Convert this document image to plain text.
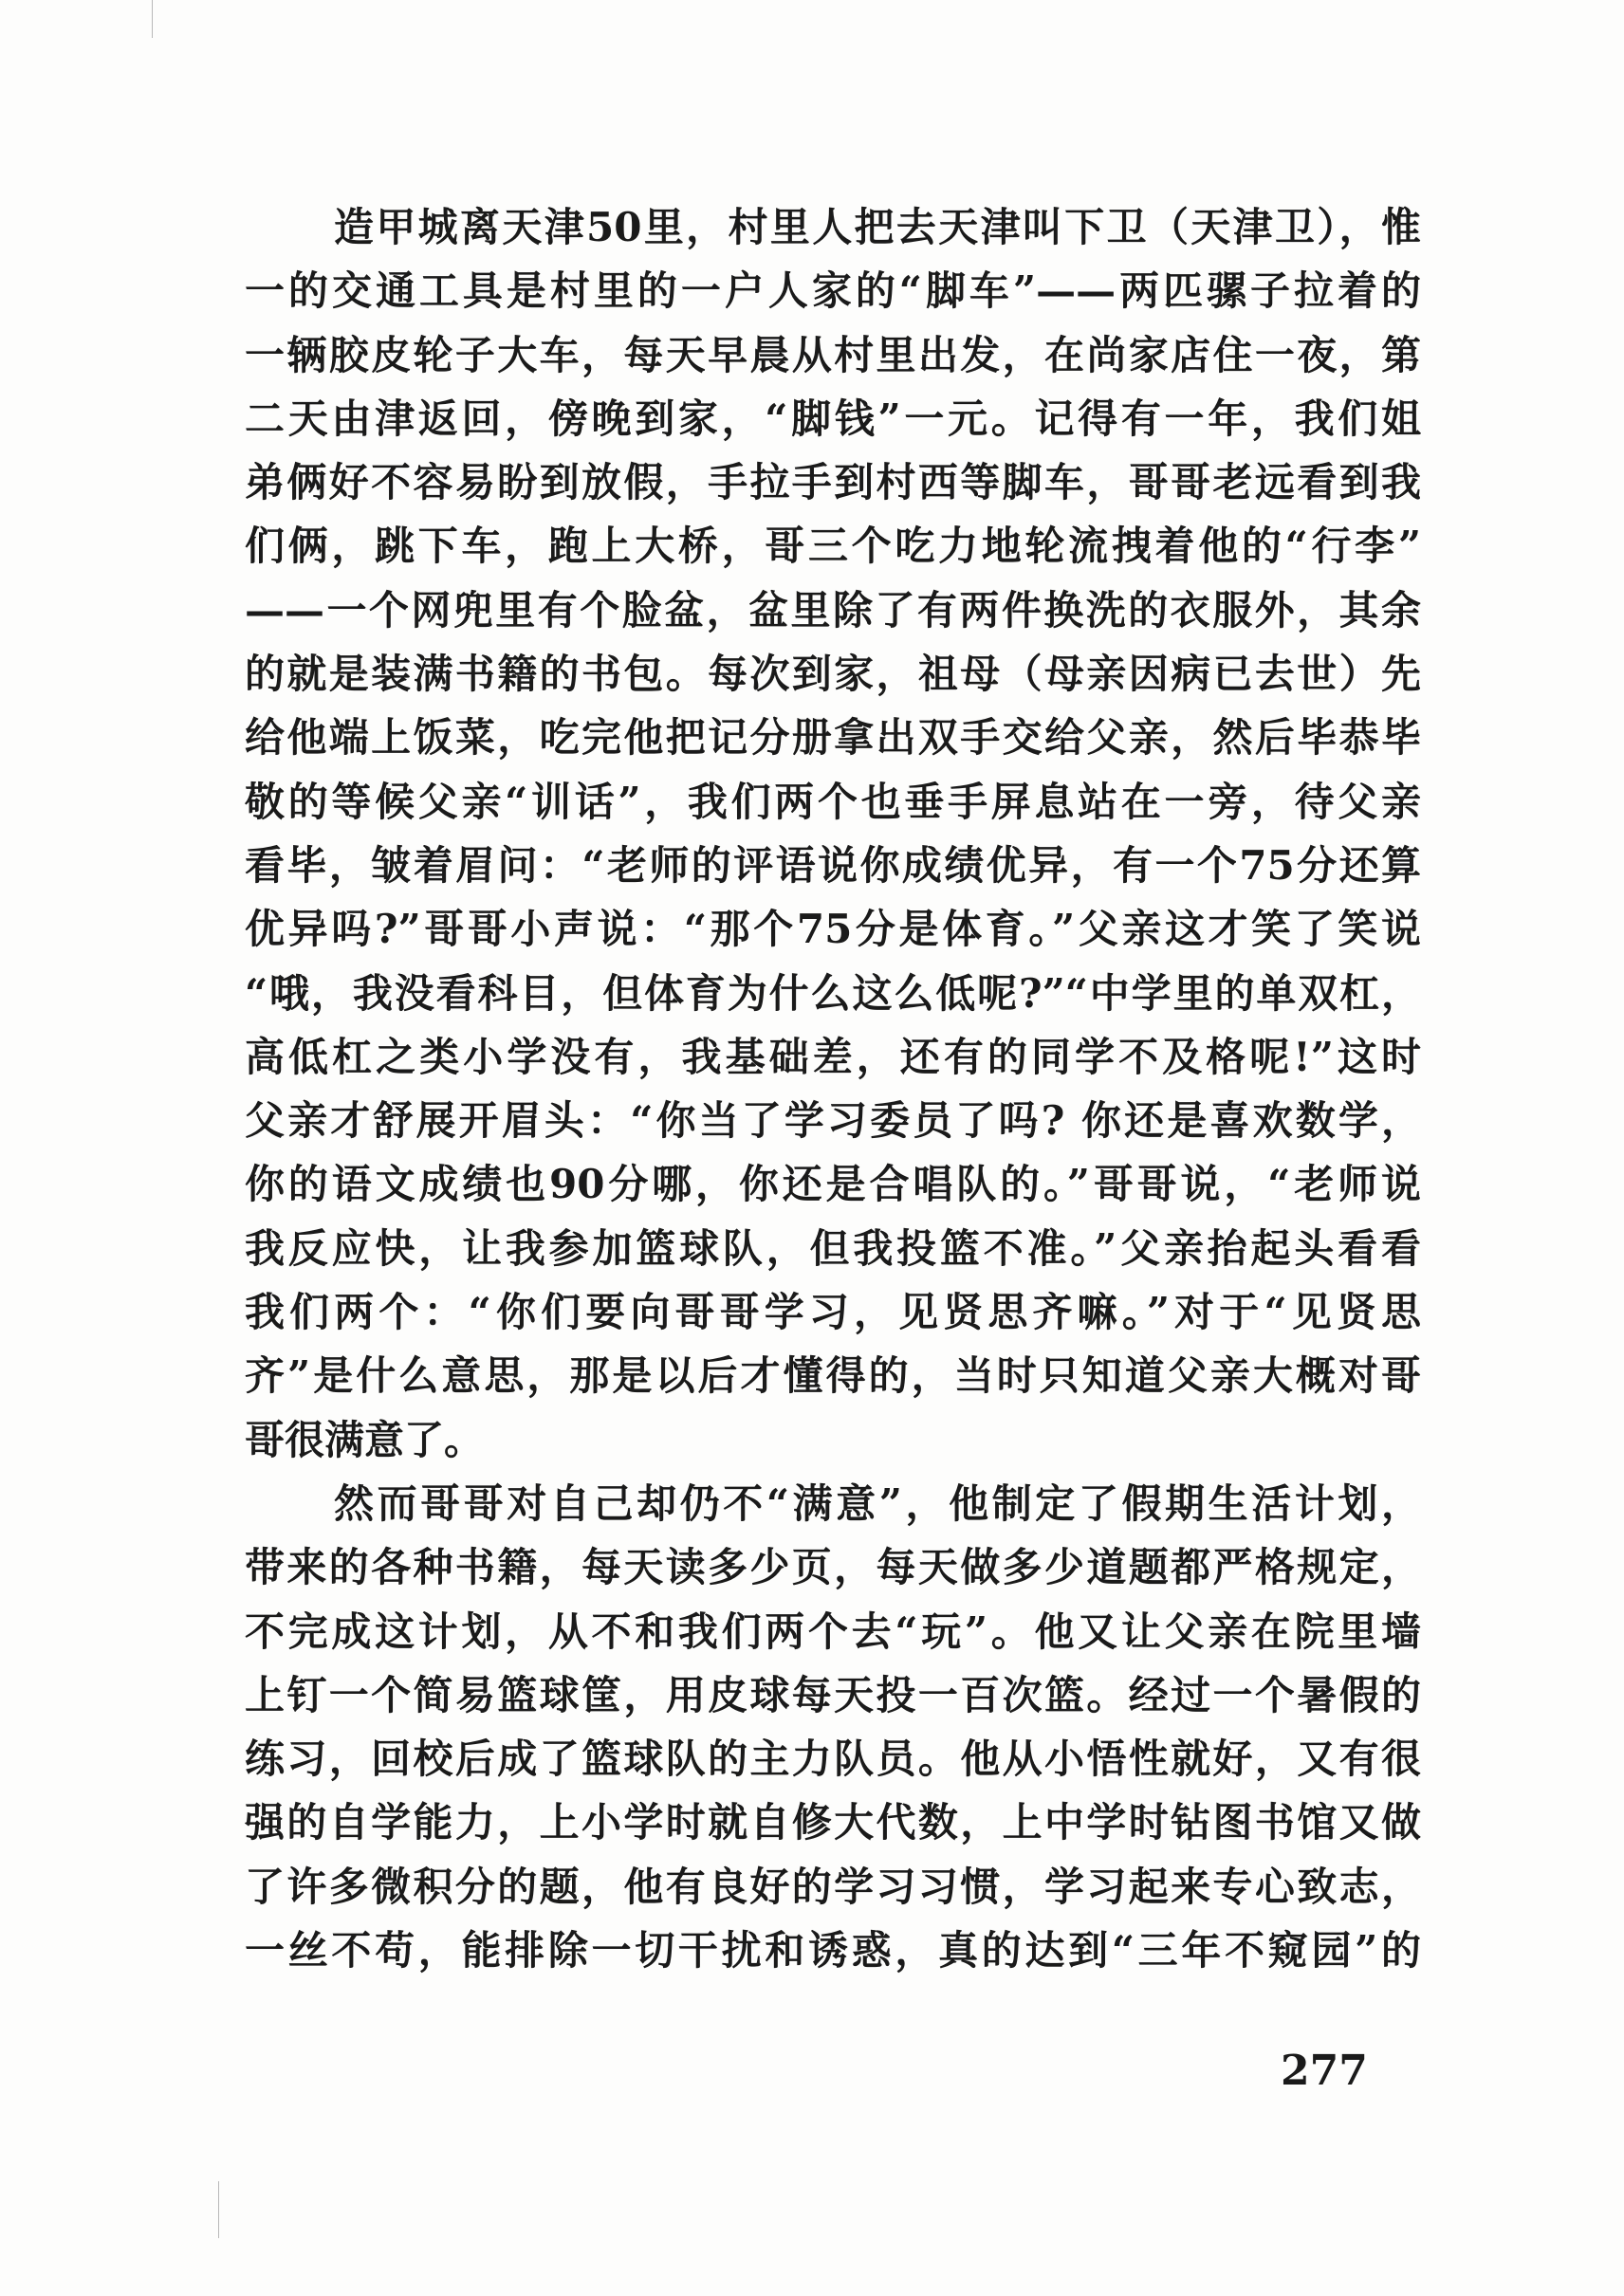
造甲城离天津50里，村里人把去天津叫下卫（天津卫），惟
一的交通工具是村里的一户人家的“脚车”——两匹骡子拉着的
一辆胶皮轮子大车，每天早晨从村里出发，在尚家店住一夜，第
二天由津返回，傍晚到家，“脚钱”一元。记得有一年，我们姐
弟俩好不容易盼到放假，手拉手到村西等脚车，哥哥老远看到我
们俩，跳下车，跑上大桥，哥三个吃力地轮流拽着他的“行李”
——一个网兜里有个脸盆，盆里除了有两件换洗的衣服外，其余
的就是装满书籍的书包。每次到家，祖母（母亲因病已去世）先
给他端上饭菜，吃完他把记分册拿出双手交给父亲，然后毕恭毕
敬的等候父亲“训话”，我们两个也垂手屏息站在一旁，待父亲
看毕，皱着眉问：“老师的评语说你成绩优异，有一个75分还算
优异吗?”哥哥小声说：“那个75分是体育。”父亲这才笑了笑说
“哦，我没看科目，但体育为什么这么低呢?”“中学里的单双杠，
高低杠之类小学没有，我基础差，还有的同学不及格呢!”这时
父亲才舒展开眉头：“你当了学习委员了吗? 你还是喜欢数学，
你的语文成绩也90分哪，你还是合唱队的。”哥哥说，“老师说
我反应快，让我参加篮球队，但我投篮不准。”父亲抬起头看看
我们两个：“你们要向哥哥学习，见贤思齐嘛。”对于“见贤思
齐”是什么意思，那是以后才懂得的，当时只知道父亲大概对哥
哥很满意了。
然而哥哥对自己却仍不“满意”，他制定了假期生活计划，
带来的各种书籍，每天读多少页，每天做多少道题都严格规定，
不完成这计划，从不和我们两个去“玩”。他又让父亲在院里墙
上钉一个简易篮球筐，用皮球每天投一百次篮。经过一个暑假的
练习，回校后成了篮球队的主力队员。他从小悟性就好，又有很
强的自学能力，上小学时就自修大代数，上中学时钻图书馆又做
了许多微积分的题，他有良好的学习习惯，学习起来专心致志，
一丝不苟，能排除一切干扰和诱惑，真的达到“三年不窥园”的
277
